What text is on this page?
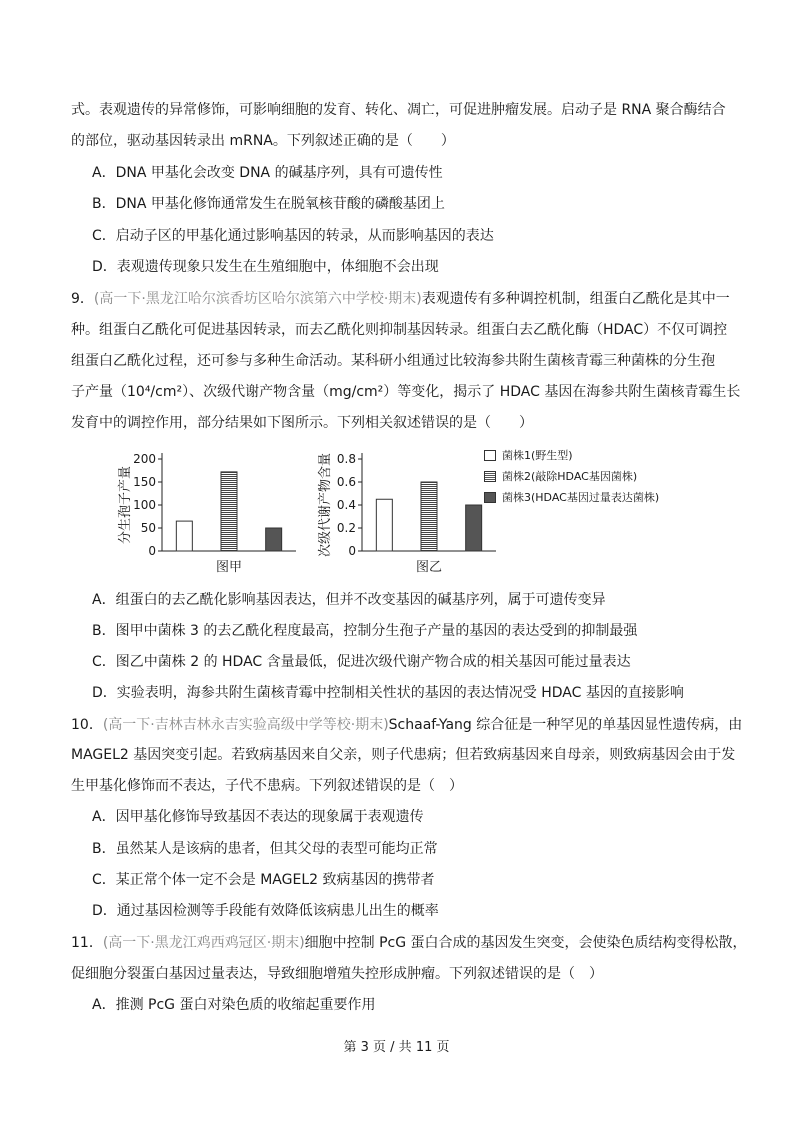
式。表观遗传的异常修饰，可影响细胞的发育、转化、凋亡，可促进肿瘤发展。启动子是 RNA 聚合酶结合
的部位，驱动基因转录出 mRNA。下列叙述正确的是（　　）
A．DNA 甲基化会改变 DNA 的碱基序列，具有可遗传性
B．DNA 甲基化修饰通常发生在脱氧核苷酸的磷酸基团上
C．启动子区的甲基化通过影响基因的转录，从而影响基因的表达
D．表观遗传现象只发生在生殖细胞中，体细胞不会出现
9．(高一下·黑龙江哈尔滨香坊区哈尔滨第六中学校·期末)表观遗传有多种调控机制，组蛋白乙酰化是其中一
种。组蛋白乙酰化可促进基因转录，而去乙酰化则抑制基因转录。组蛋白去乙酰化酶（HDAC）不仅可调控
组蛋白乙酰化过程，还可参与多种生命活动。某科研小组通过比较海参共附生菌核青霉三种菌株的分生孢
子产量（10⁴/cm²）、次级代谢产物含量（mg/cm²）等变化，揭示了 HDAC 基因在海参共附生菌核青霉生长
发育中的调控作用，部分结果如下图所示。下列相关叙述错误的是（　　）
0
50
100
150
200
分生孢子产量
图甲
0
0.2
0.4
0.6
0.8
次级代谢产物含量
图乙
菌株1(野生型)
菌株2(敲除HDAC基因菌株)
菌株3(HDAC基因过量表达菌株)
A．组蛋白的去乙酰化影响基因表达，但并不改变基因的碱基序列，属于可遗传变异
B．图甲中菌株 3 的去乙酰化程度最高，控制分生孢子产量的基因的表达受到的抑制最强
C．图乙中菌株 2 的 HDAC 含量最低，促进次级代谢产物合成的相关基因可能过量表达
D．实验表明，海参共附生菌核青霉中控制相关性状的基因的表达情况受 HDAC 基因的直接影响
10．(高一下·吉林吉林永吉实验高级中学等校·期末)Schaaf-Yang 综合征是一种罕见的单基因显性遗传病，由
MAGEL2 基因突变引起。若致病基因来自父亲，则子代患病；但若致病基因来自母亲，则致病基因会由于发
生甲基化修饰而不表达，子代不患病。下列叙述错误的是（　）
A．因甲基化修饰导致基因不表达的现象属于表观遗传
B．虽然某人是该病的患者，但其父母的表型可能均正常
C．某正常个体一定不会是 MAGEL2 致病基因的携带者
D．通过基因检测等手段能有效降低该病患儿出生的概率
11．(高一下·黑龙江鸡西鸡冠区·期末)细胞中控制 PcG 蛋白合成的基因发生突变，会使染色质结构变得松散，
促细胞分裂蛋白基因过量表达，导致细胞增殖失控形成肿瘤。下列叙述错误的是（　）
A．推测 PcG 蛋白对染色质的收缩起重要作用
第 3 页 / 共 11 页
